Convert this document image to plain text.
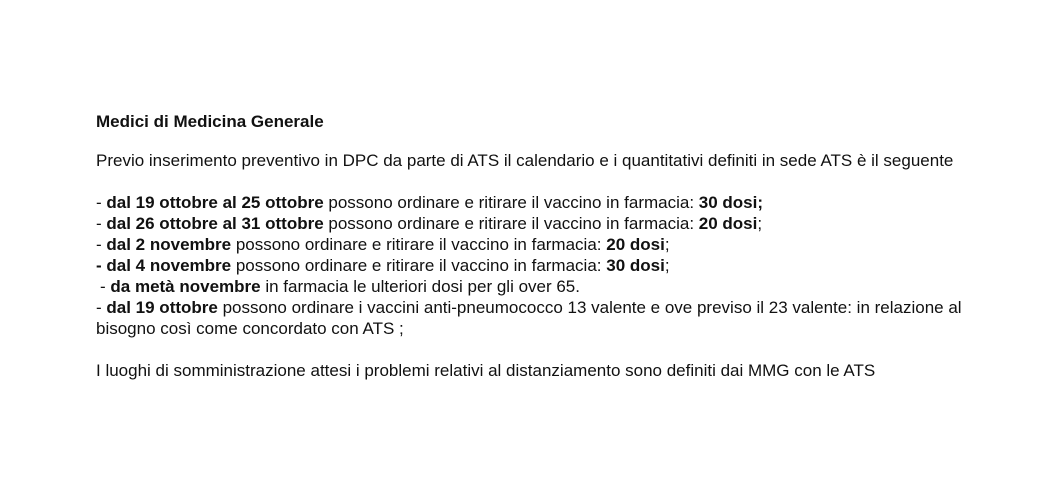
Medici di Medicina Generale

Previo inserimento preventivo in DPC da parte di ATS il calendario e i quantitativi definiti in sede ATS è il seguente

- dal 19 ottobre al 25 ottobre possono ordinare e ritirare il vaccino in farmacia: 30 dosi;
- dal 26 ottobre al 31 ottobre possono ordinare e ritirare il vaccino in farmacia: 20 dosi;
- dal 2 novembre possono ordinare e ritirare il vaccino in farmacia: 20 dosi;
- dal 4 novembre possono ordinare e ritirare il vaccino in farmacia: 30 dosi;
- da metà novembre in farmacia le ulteriori dosi per gli over 65.
- dal 19 ottobre possono ordinare i vaccini anti-pneumococco 13 valente e ove previso il 23 valente: in relazione al bisogno così come concordato con ATS ;

I luoghi di somministrazione attesi i problemi relativi al distanziamento sono definiti dai MMG con le ATS
